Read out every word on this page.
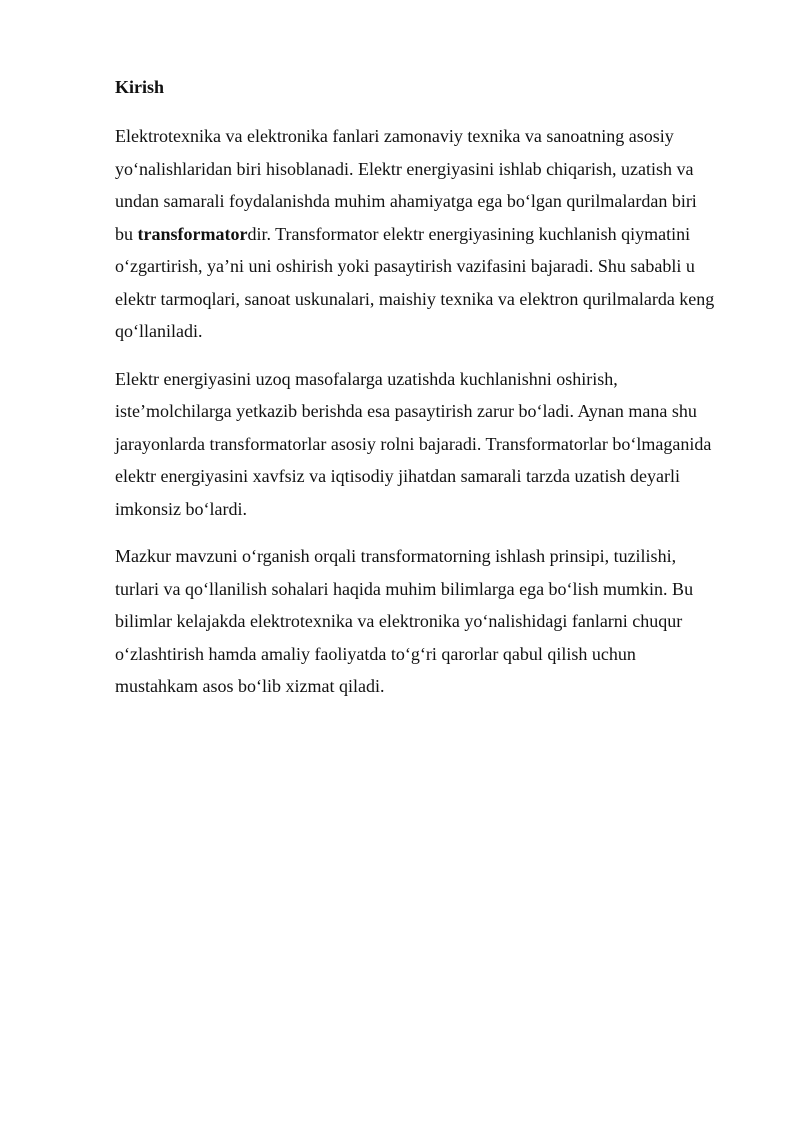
Kirish
Elektrotexnika va elektronika fanlari zamonaviy texnika va sanoatning asosiy
yo‘nalishlaridan biri hisoblanadi. Elektr energiyasini ishlab chiqarish, uzatish va
undan samarali foydalanishda muhim ahamiyatga ega bo‘lgan qurilmalardan biri
bu transformatordir. Transformator elektr energiyasining kuchlanish qiymatini
o‘zgartirish, ya’ni uni oshirish yoki pasaytirish vazifasini bajaradi. Shu sababli u
elektr tarmoqlari, sanoat uskunalari, maishiy texnika va elektron qurilmalarda keng
qo‘llaniladi.
Elektr energiyasini uzoq masofalarga uzatishda kuchlanishni oshirish,
iste’molchilarga yetkazib berishda esa pasaytirish zarur bo‘ladi. Aynan mana shu
jarayonlarda transformatorlar asosiy rolni bajaradi. Transformatorlar bo‘lmaganida
elektr energiyasini xavfsiz va iqtisodiy jihatdan samarali tarzda uzatish deyarli
imkonsiz bo‘lardi.
Mazkur mavzuni o‘rganish orqali transformatorning ishlash prinsipi, tuzilishi,
turlari va qo‘llanilish sohalari haqida muhim bilimlarga ega bo‘lish mumkin. Bu
bilimlar kelajakda elektrotexnika va elektronika yo‘nalishidagi fanlarni chuqur
o‘zlashtirish hamda amaliy faoliyatda to‘g‘ri qarorlar qabul qilish uchun
mustahkam asos bo‘lib xizmat qiladi.
